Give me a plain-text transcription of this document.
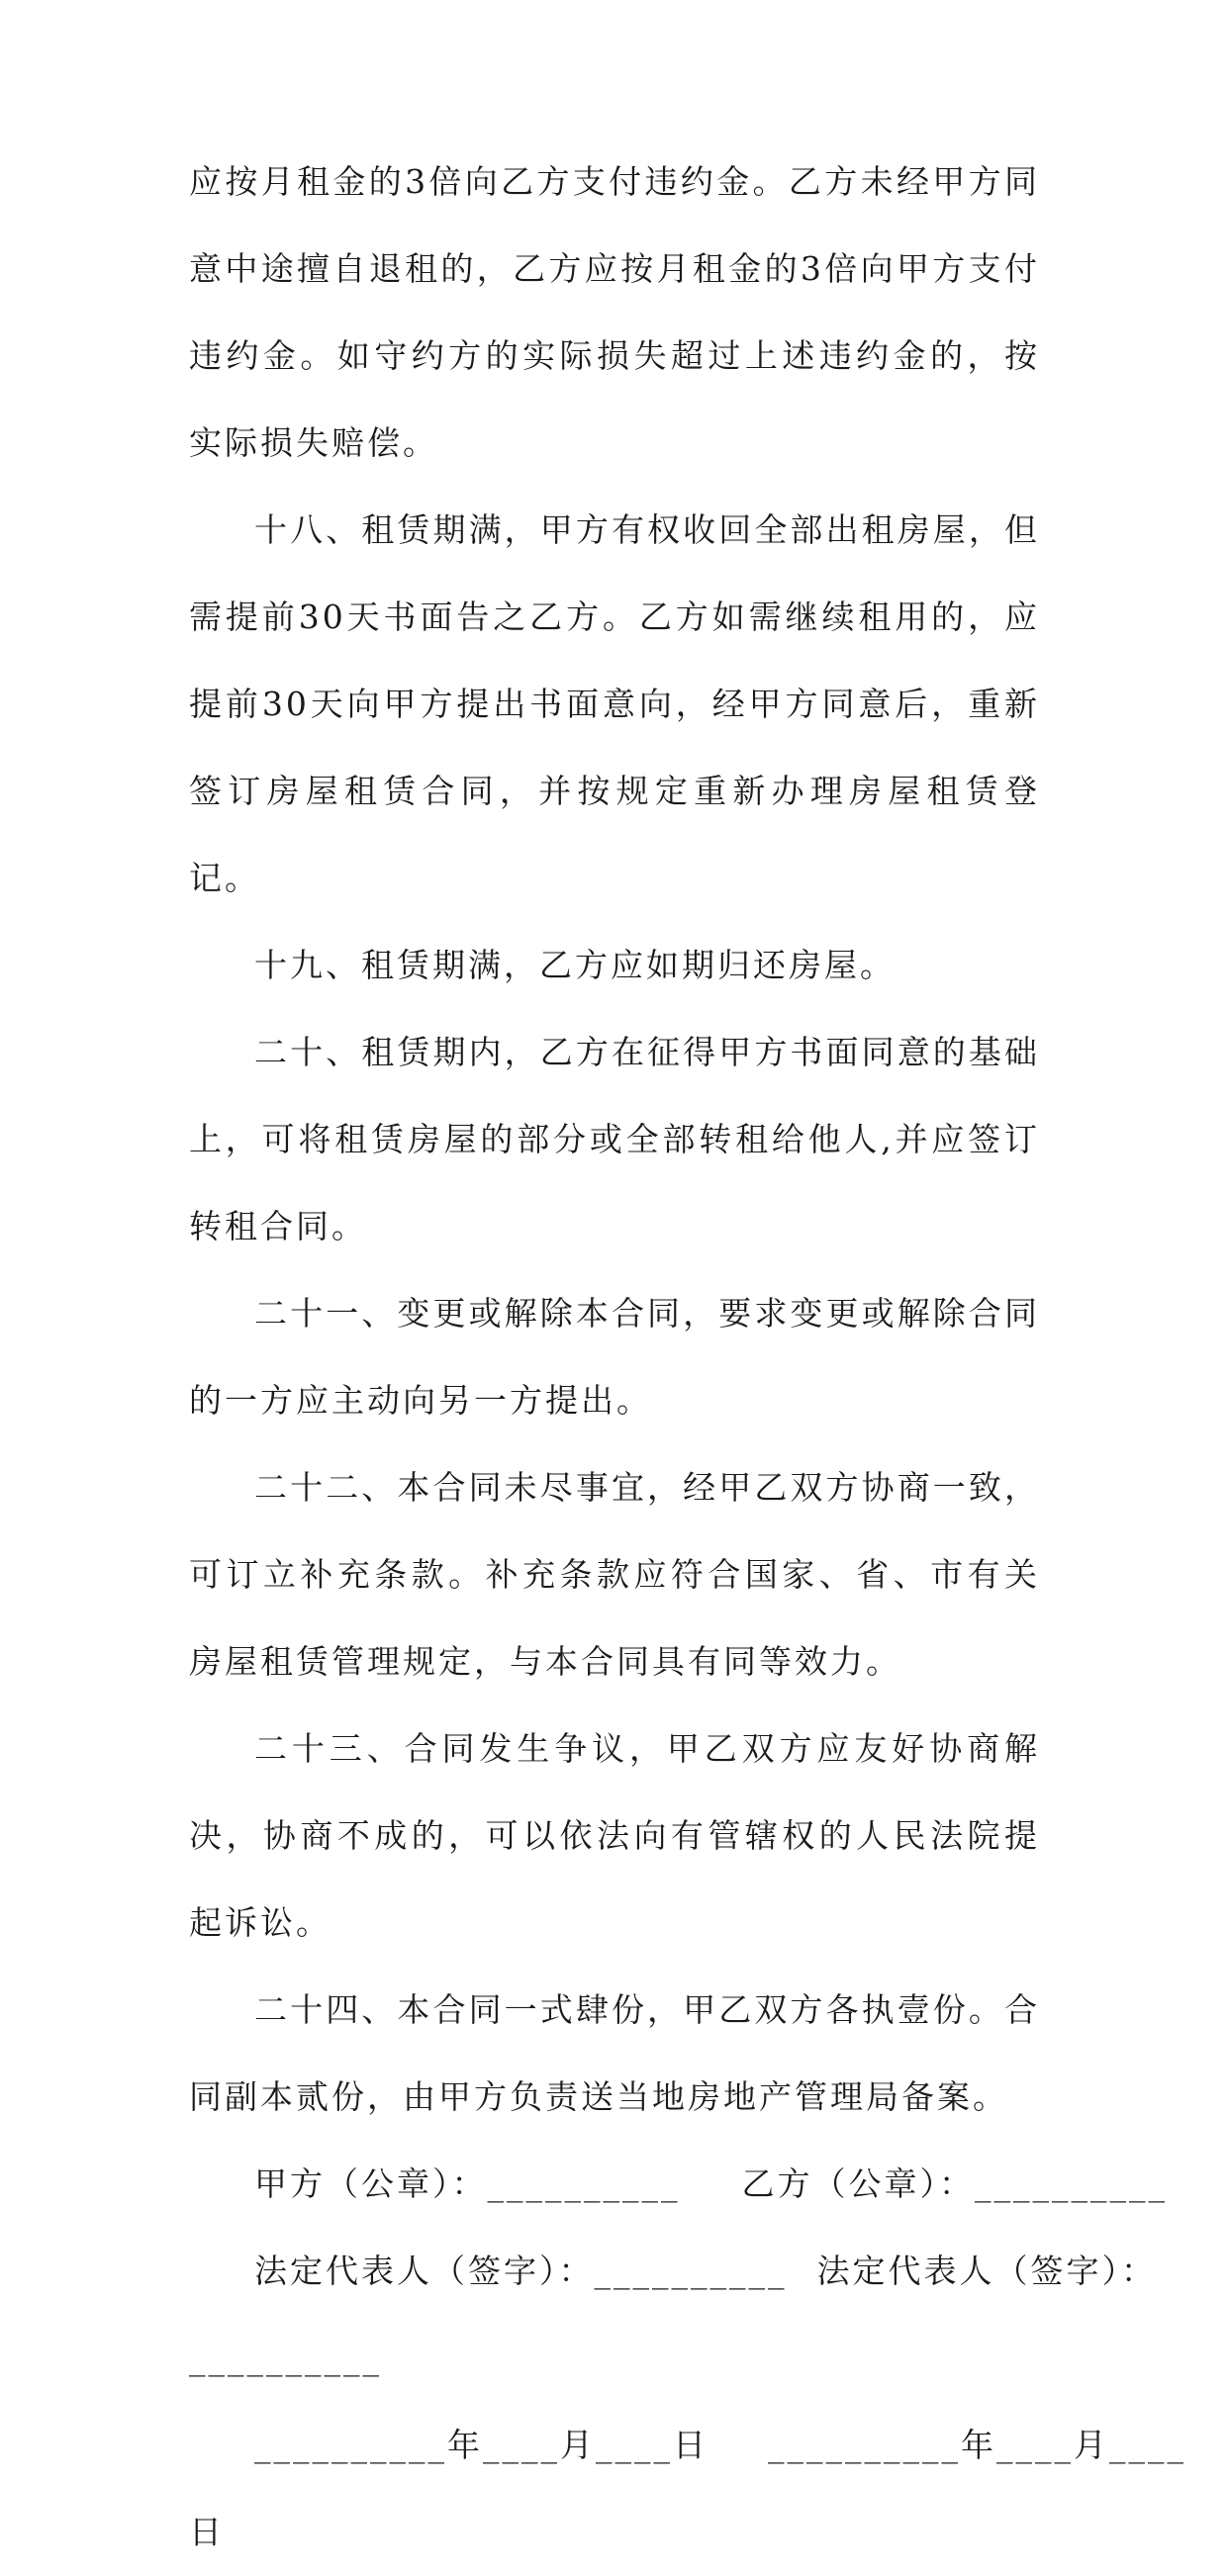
应按月租金的3倍向乙方支付违约金。乙方未经甲方同意中途擅自退租的，乙方应按月租金的3倍向甲方支付违约金。如守约方的实际损失超过上述违约金的，按实际损失赔偿。

十八、租赁期满，甲方有权收回全部出租房屋，但需提前30天书面告之乙方。乙方如需继续租用的，应提前30天向甲方提出书面意向，经甲方同意后，重新签订房屋租赁合同，并按规定重新办理房屋租赁登记。

十九、租赁期满，乙方应如期归还房屋。

二十、租赁期内，乙方在征得甲方书面同意的基础上，可将租赁房屋的部分或全部转租给他人,并应签订转租合同。

二十一、变更或解除本合同，要求变更或解除合同的一方应主动向另一方提出。

二十二、本合同未尽事宜，经甲乙双方协商一致，可订立补充条款。补充条款应符合国家、省、市有关房屋租赁管理规定，与本合同具有同等效力。

二十三、合同发生争议，甲乙双方应友好协商解决，协商不成的，可以依法向有管辖权的人民法院提起诉讼。

二十四、本合同一式肆份，甲乙双方各执壹份。合同副本贰份，由甲方负责送当地房地产管理局备案。

甲方（公章）：__________ 乙方（公章）：__________
法定代表人（签字）：__________ 法定代表人（签字）：
__________
__________年____月____日 __________年____月____
日
